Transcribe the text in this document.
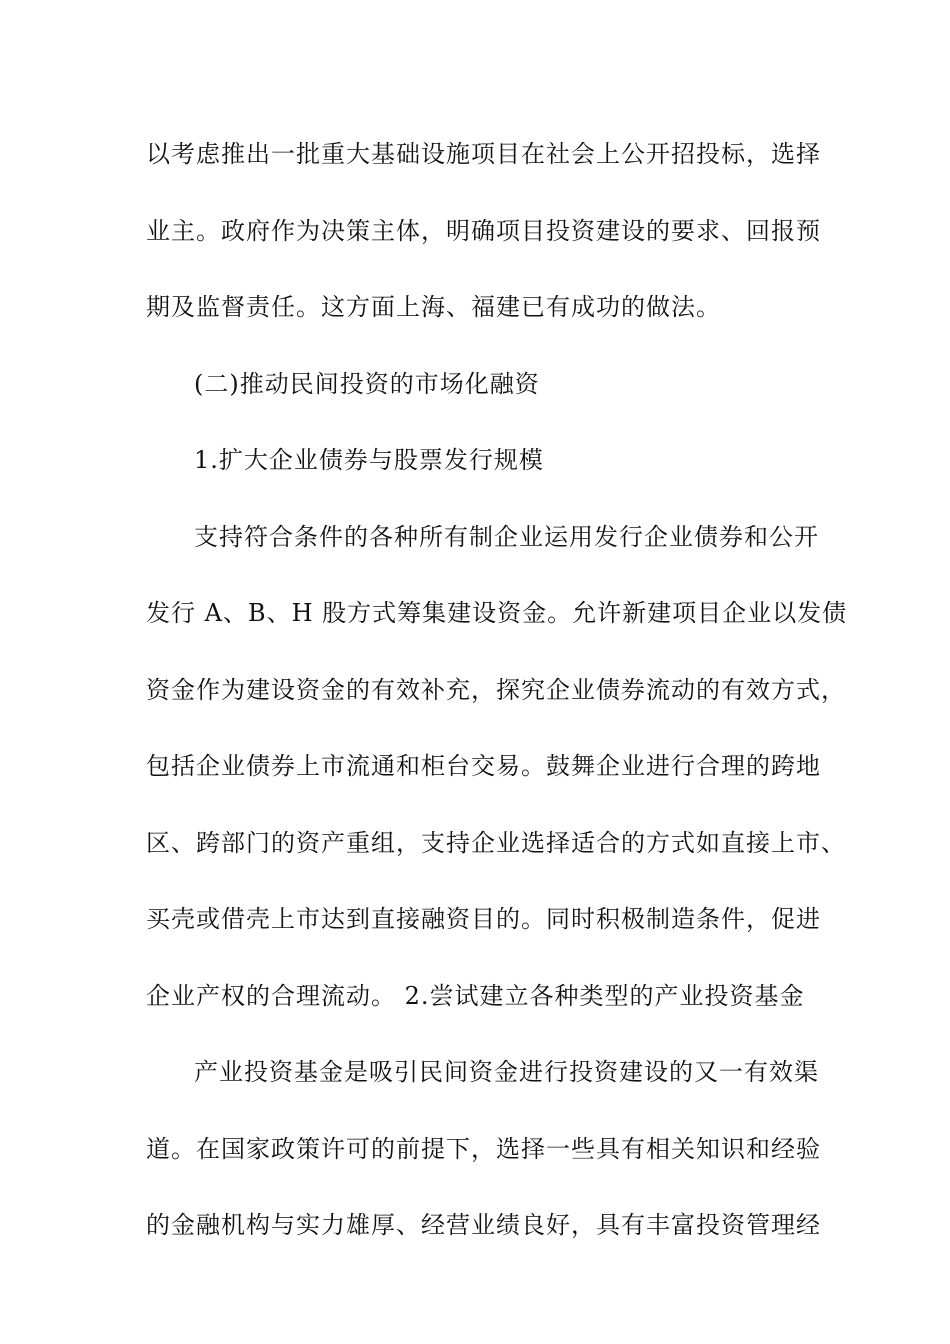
以考虑推出一批重大基础设施项目在社会上公开招投标，选择
业主。政府作为决策主体，明确项目投资建设的要求、回报预
期及监督责任。这方面上海、福建已有成功的做法。
(二)推动民间投资的市场化融资
1.扩大企业债券与股票发行规模
支持符合条件的各种所有制企业运用发行企业债券和公开
发行 A、B、H 股方式筹集建设资金。允许新建项目企业以发债
资金作为建设资金的有效补充，探究企业债券流动的有效方式，
包括企业债券上市流通和柜台交易。鼓舞企业进行合理的跨地
区、跨部门的资产重组，支持企业选择适合的方式如直接上市、
买壳或借壳上市达到直接融资目的。同时积极制造条件，促进
企业产权的合理流动。 2.尝试建立各种类型的产业投资基金
产业投资基金是吸引民间资金进行投资建设的又一有效渠
道。在国家政策许可的前提下，选择一些具有相关知识和经验
的金融机构与实力雄厚、经营业绩良好，具有丰富投资管理经
